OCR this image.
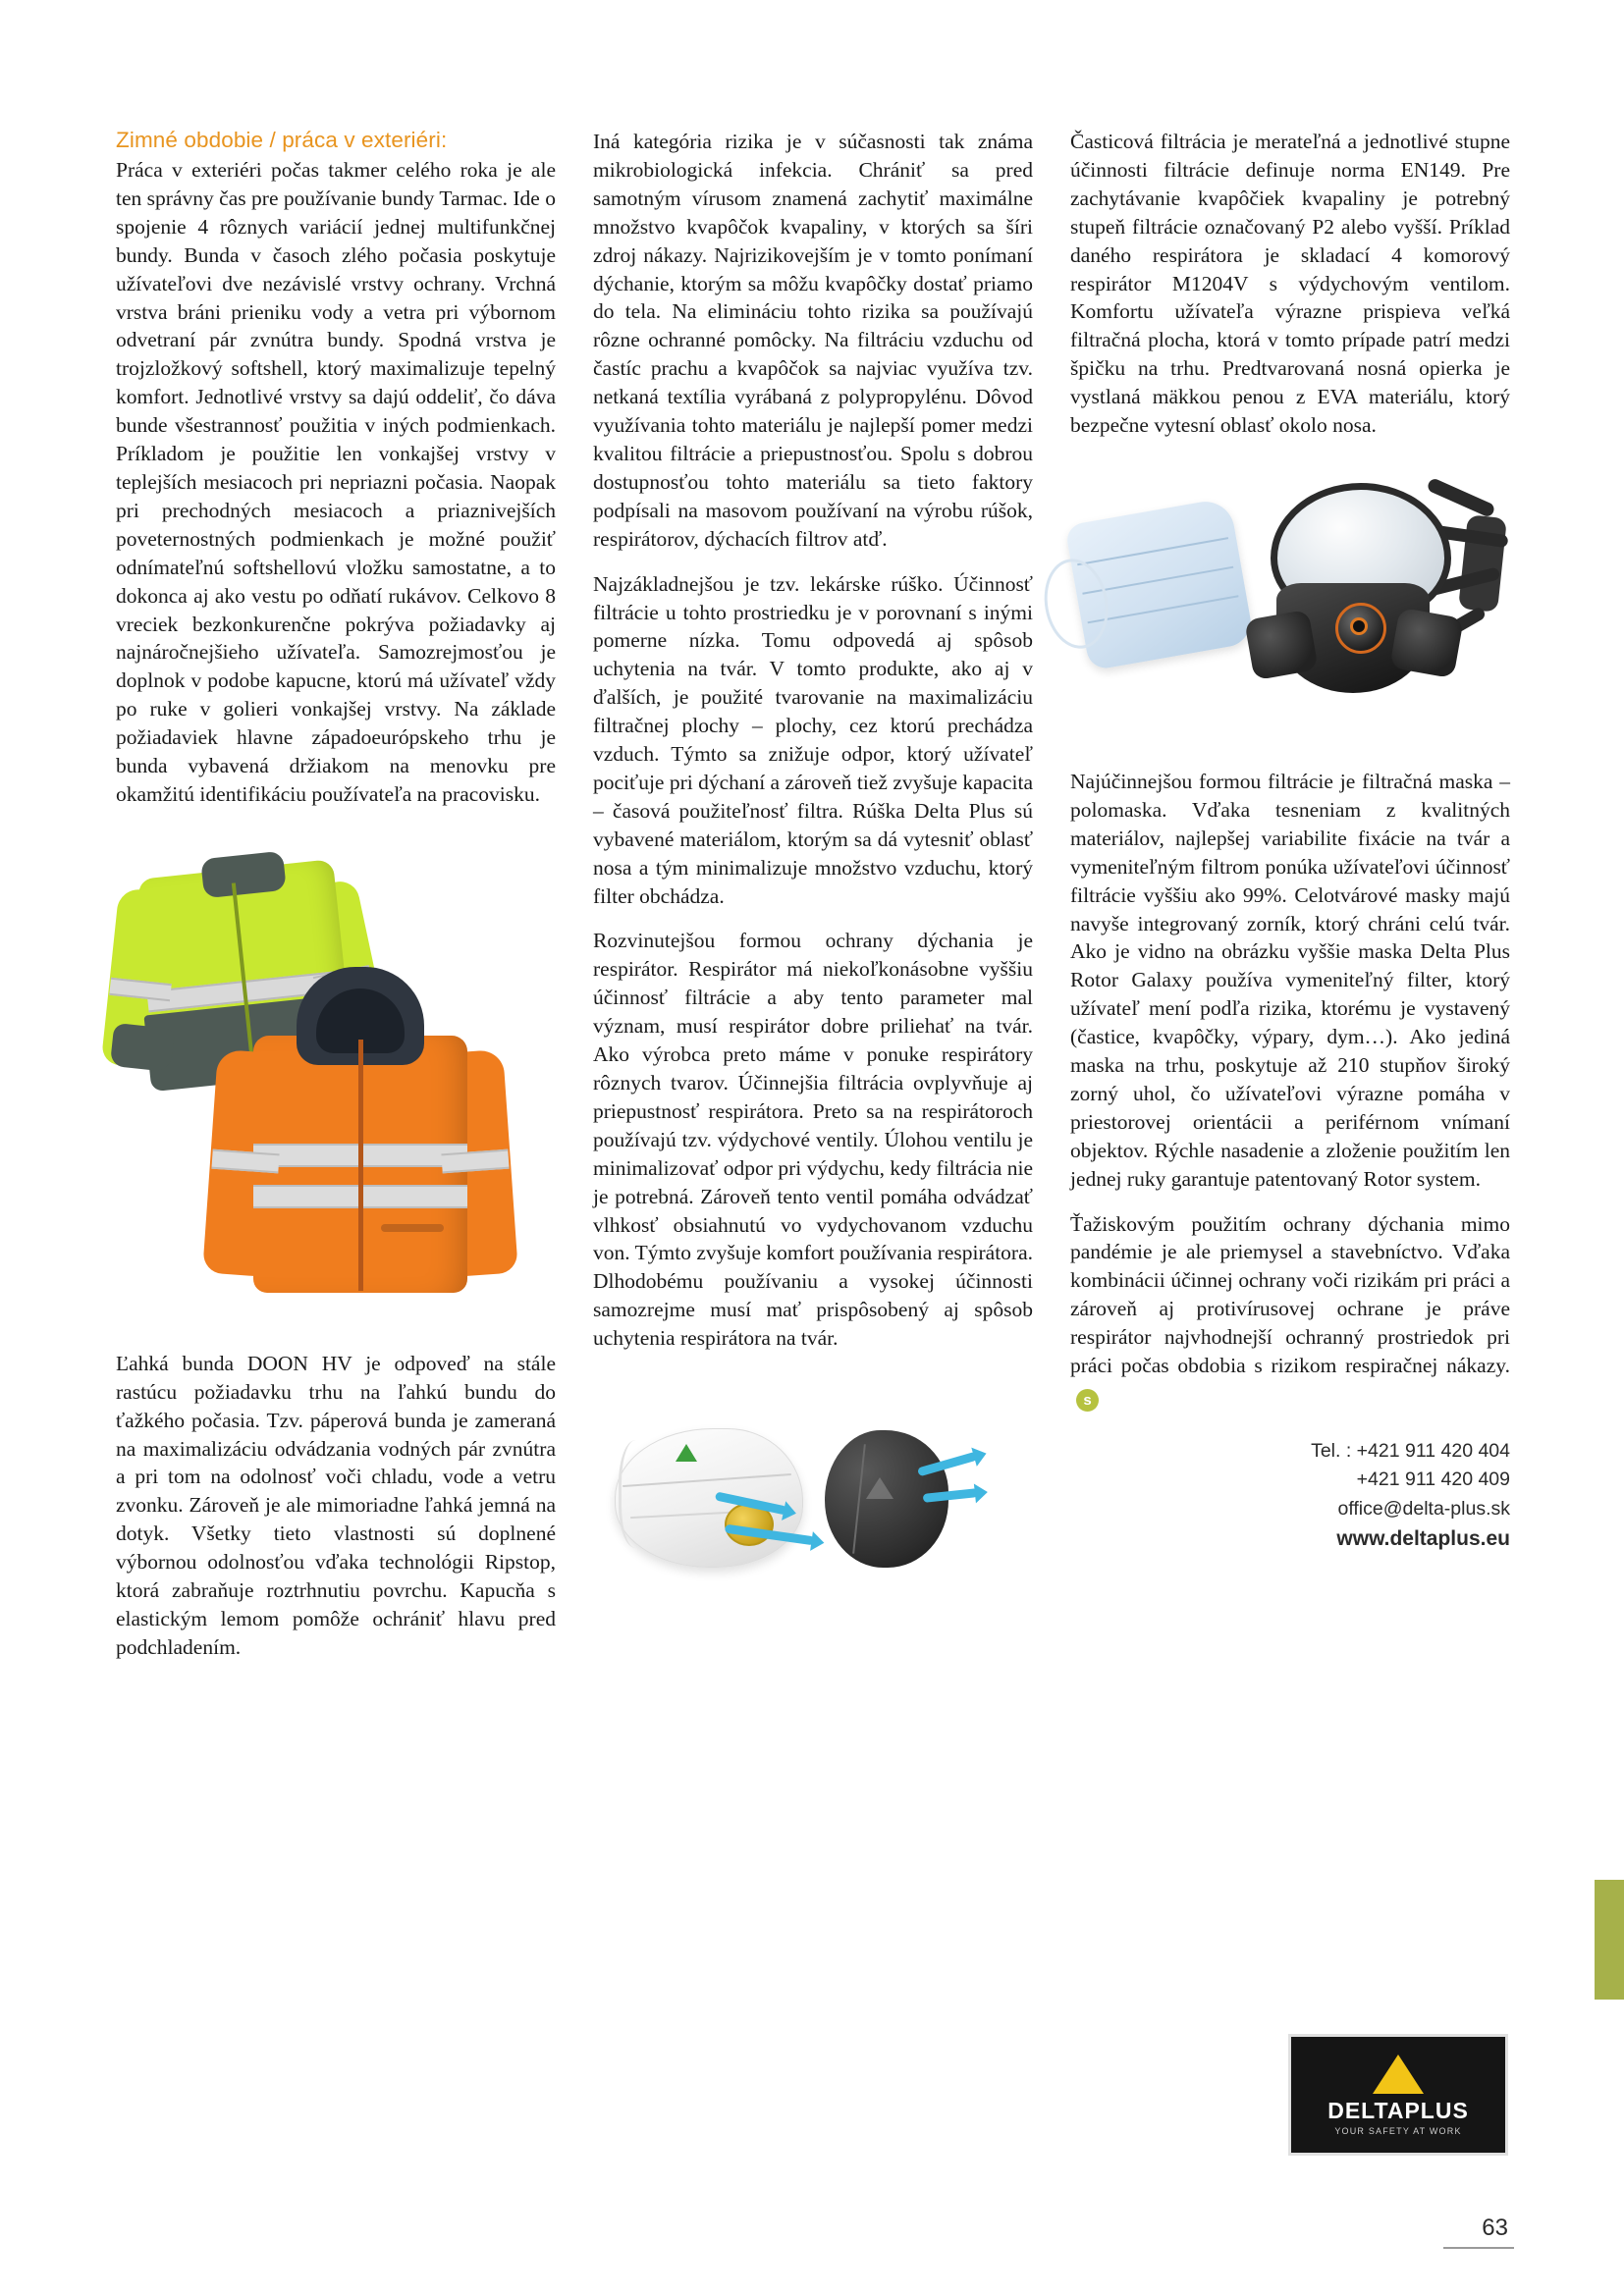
Zimné obdobie / práca v exteriéri:

Práca v exteriéri počas takmer celého roka je ale ten správny čas pre používanie bundy Tarmac. Ide o spojenie 4 rôznych variácií jednej multifunkčnej bundy. Bunda v časoch zlého počasia poskytuje užívateľovi dve nezávislé vrstvy ochrany. Vrchná vrstva bráni prieniku vody a vetra pri výbornom odvetraní pár zvnútra bundy. Spodná vrstva je trojzložkový softshell, ktorý maximalizuje tepelný komfort. Jednotlivé vrstvy sa dajú oddeliť, čo dáva bunde všestrannosť použitia v iných podmienkach. Príkladom je použitie len vonkajšej vrstvy v teplejších mesiacoch pri nepriazni počasia. Naopak pri prechodných mesiacoch a priaznivejších poveternostných podmienkach je možné použiť odnímateľnú softshellovú vložku samostatne, a to dokonca aj ako vestu po odňatí rukávov. Celkovo 8 vreciek bezkonkurenčne pokrýva požiadavky aj najnáročnejšieho užívateľa. Samozrejmosťou je doplnok v podobe kapucne, ktorú má užívateľ vždy po ruke v golieri vonkajšej vrstvy. Na základe požiadaviek hlavne západoeurópskeho trhu je bunda vybavená držiakom na menovku pre okamžitú identifikáciu používateľa na pracovisku.

Ľahká bunda DOON HV je odpoveď na stále rastúcu požiadavku trhu na ľahkú bundu do ťažkého počasia. Tzv. páperová bunda je zameraná na maximalizáciu odvádzania vodných pár zvnútra a pri tom na odolnosť voči chladu, vode a vetru zvonku. Zároveň je ale mimoriadne ľahká jemná na dotyk. Všetky tieto vlastnosti sú doplnené výbornou odolnosťou vďaka technológii Ripstop, ktorá zabraňuje roztrhnutiu povrchu. Kapucňa s elastickým lemom pomôže ochrániť hlavu pred podchladením.

Iná kategória rizika je v súčasnosti tak známa mikrobiologická infekcia. Chrániť sa pred samotným vírusom znamená zachytiť maximálne množstvo kvapôčok kvapaliny, v ktorých sa šíri zdroj nákazy. Najrizikovejším je v tomto ponímaní dýchanie, ktorým sa môžu kvapôčky dostať priamo do tela. Na elimináciu tohto rizika sa používajú rôzne ochranné pomôcky. Na filtráciu vzduchu od častíc prachu a kvapôčok sa najviac využíva tzv. netkaná textília vyrábaná z polypropylénu. Dôvod využívania tohto materiálu je najlepší pomer medzi kvalitou filtrácie a priepustnosťou. Spolu s dobrou dostupnosťou tohto materiálu sa tieto faktory podpísali na masovom používaní na výrobu rúšok, respirátorov, dýchacích filtrov atď.

Najzákladnejšou je tzv. lekárske rúško. Účinnosť filtrácie u tohto prostriedku je v porovnaní s inými pomerne nízka. Tomu odpovedá aj spôsob uchytenia na tvár. V tomto produkte, ako aj v ďalších, je použité tvarovanie na maximalizáciu filtračnej plochy – plochy, cez ktorú prechádza vzduch. Týmto sa znižuje odpor, ktorý užívateľ pociťuje pri dýchaní a zároveň tiež zvyšuje kapacita – časová použiteľnosť filtra. Rúška Delta Plus sú vybavené materiálom, ktorým sa dá vytesniť oblasť nosa a tým minimalizuje množstvo vzduchu, ktorý filter obchádza.

Rozvinutejšou formou ochrany dýchania je respirátor. Respirátor má niekoľkonásobne vyššiu účinnosť filtrácie a aby tento parameter mal význam, musí respirátor dobre priliehať na tvár. Ako výrobca preto máme v ponuke respirátory rôznych tvarov. Účinnejšia filtrácia ovplyvňuje aj priepustnosť respirátora. Preto sa na respirátoroch používajú tzv. výdychové ventily. Úlohou ventilu je minimalizovať odpor pri výdychu, kedy filtrácia nie je potrebná. Zároveň tento ventil pomáha odvádzať vlhkosť obsiahnutú vo vydychovanom vzduchu von. Týmto zvyšuje komfort používania respirátora. Dlhodobému používaniu a vysokej účinnosti samozrejme musí mať prispôsobený aj spôsob uchytenia respirátora na tvár.

Časticová filtrácia je merateľná a jednotlivé stupne účinnosti filtrácie definuje norma EN149. Pre zachytávanie kvapôčiek kvapaliny je potrebný stupeň filtrácie označovaný P2 alebo vyšší. Príklad daného respirátora je skladací 4 komorový respirátor M1204V s výdychovým ventilom. Komfortu užívateľa výrazne prispieva veľká filtračná plocha, ktorá v tomto prípade patrí medzi špičku na trhu. Predtvarovaná nosná opierka je vystlaná mäkkou penou z EVA materiálu, ktorý bezpečne vytesní oblasť okolo nosa.

Najúčinnejšou formou filtrácie je filtračná maska – polomaska. Vďaka tesneniam z kvalitných materiálov, najlepšej variabilite fixácie na tvár a vymeniteľným filtrom ponúka užívateľovi účinnosť filtrácie vyššiu ako 99%. Celotvárové masky majú navyše integrovaný zorník, ktorý chráni celú tvár. Ako je vidno na obrázku vyššie maska Delta Plus Rotor Galaxy používa vymeniteľný filter, ktorý užívateľ mení podľa rizika, ktorému je vystavený (častice, kvapôčky, výpary, dym…). Ako jediná maska na trhu, poskytuje až 210 stupňov široký zorný uhol, čo užívateľovi výrazne pomáha v priestorovej orientácii a periférnom vnímaní objektov. Rýchle nasadenie a zloženie použitím len jednej ruky garantuje patentovaný Rotor system.

Ťažiskovým použitím ochrany dýchania mimo pandémie je ale priemysel a stavebníctvo. Vďaka kombinácii účinnej ochrany voči rizikám pri práci a zároveň aj protivírusovej ochrane je práve respirátor najvhodnejší ochranný prostriedok pri práci počas obdobia s rizikom respiračnej nákazy.s

Tel. : +421 911 420 404
+421 911 420 409
office@delta-plus.sk
www.deltaplus.eu
DELTAPLUS
YOUR SAFETY AT WORK
63
